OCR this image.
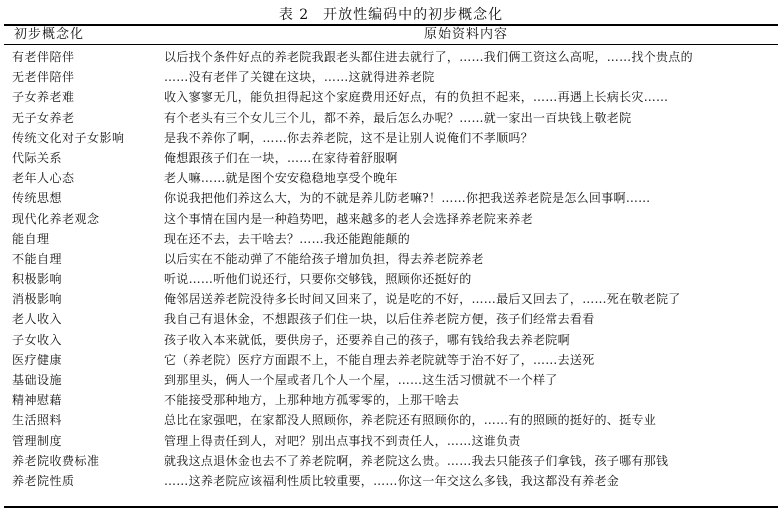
表 2 开放性编码中的初步概念化
初步概念化	原始资料内容
有老伴陪伴	以后找个条件好点的养老院我跟老头都住进去就行了，……我们俩工资这么高呢，……找个贵点的
无老伴陪伴	……没有老伴了关键在这块，……这就得进养老院
子女养老难	收入寥寥无几，能负担得起这个家庭费用还好点，有的负担不起来，……再遇上长病长灾……
无子女养老	有个老头有三个女儿三个儿，都不养，最后怎么办呢？……就一家出一百块钱上敬老院
传统文化对子女影响	是我不养你了啊，……你去养老院，这不是让别人说俺们不孝顺吗？
代际关系	俺想跟孩子们在一块，……在家待着舒服啊
老年人心态	老人嘛……就是图个安安稳稳地享受个晚年
传统思想	你说我把他们养这么大，为的不就是养儿防老嘛?！……你把我送养老院是怎么回事啊……
现代化养老观念	这个事情在国内是一种趋势吧，越来越多的老人会选择养老院来养老
能自理	现在还不去，去干啥去？……我还能跑能颠的
不能自理	以后实在不能动弹了不能给孩子增加负担，得去养老院养老
积极影响	听说……听他们说还行，只要你交够钱，照顾你还挺好的
消极影响	俺邻居送养老院没待多长时间又回来了，说是吃的不好，……最后又回去了，……死在敬老院了
老人收入	我自己有退休金，不想跟孩子们住一块，以后住养老院方便，孩子们经常去看看
子女收入	孩子收入本来就低，要供房子，还要养自己的孩子，哪有钱给我去养老院啊
医疗健康	它（养老院）医疗方面跟不上，不能自理去养老院就等于治不好了，……去送死
基础设施	到那里头，俩人一个屋或者几个人一个屋，……这生活习惯就不一个样了
精神慰藉	不能接受那种地方，上那种地方孤零零的，上那干啥去
生活照料	总比在家强吧，在家都没人照顾你，养老院还有照顾你的，……有的照顾的挺好的、挺专业
管理制度	管理上得责任到人，对吧？别出点事找不到责任人，……这谁负责
养老院收费标准	就我这点退休金也去不了养老院啊，养老院这么贵。……我去只能孩子们拿钱，孩子哪有那钱
养老院性质	……这养老院应该福利性质比较重要，……你这一年交这么多钱，我这都没有养老金
